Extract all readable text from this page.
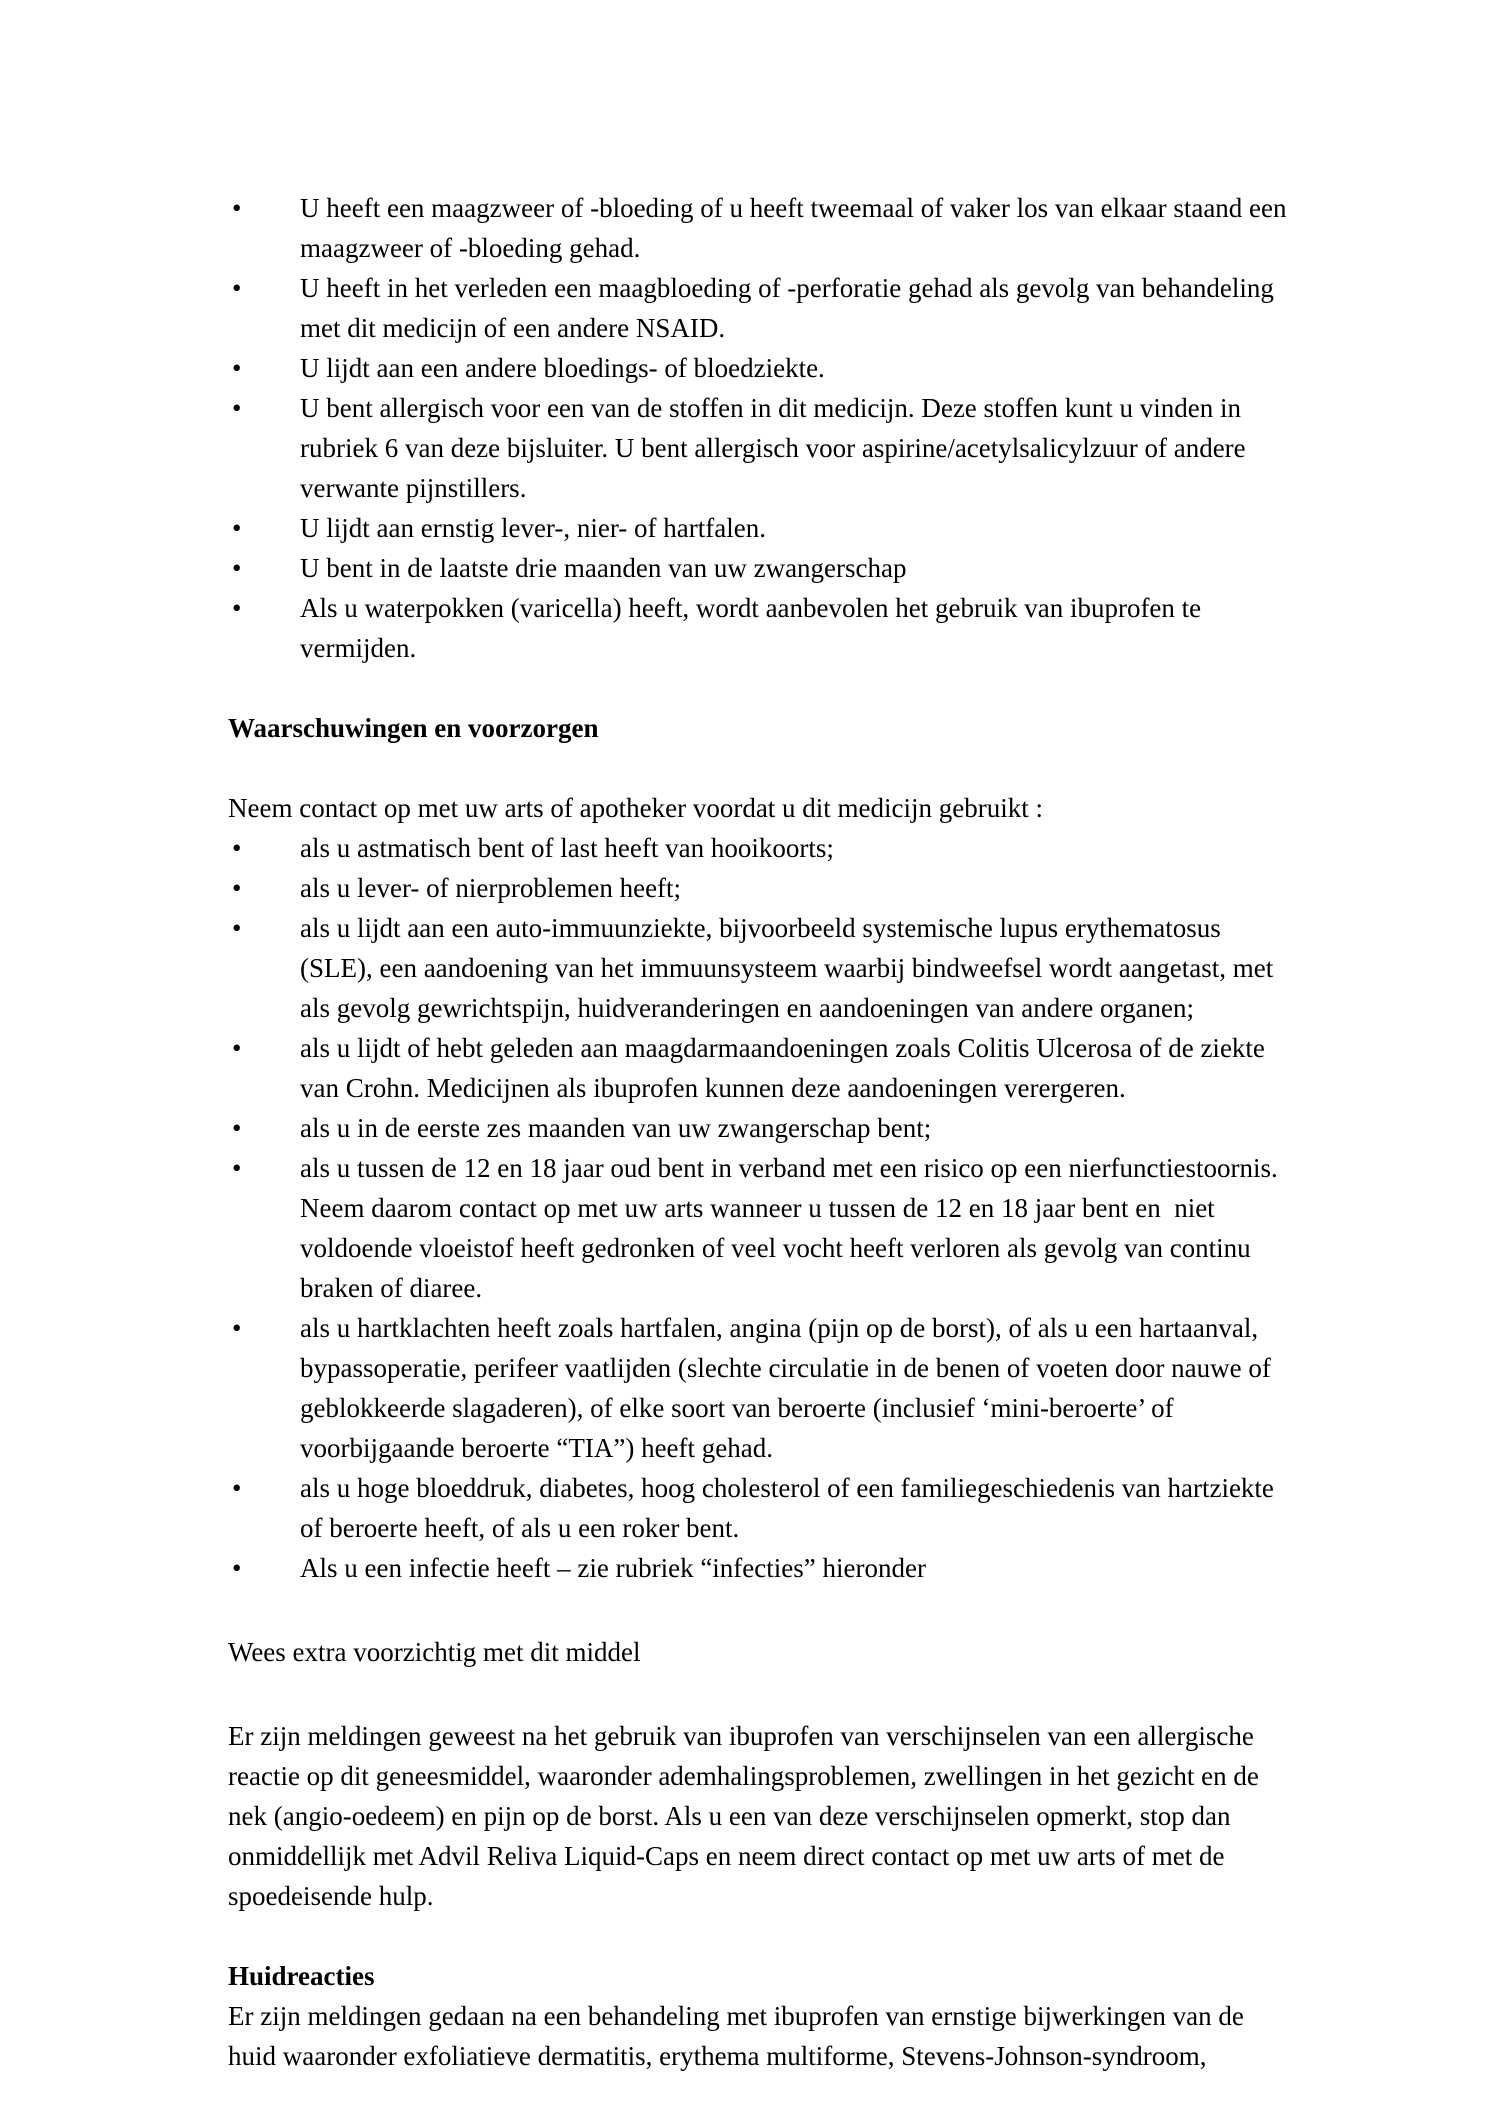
•	U heeft een maagzweer of -bloeding of u heeft tweemaal of vaker los van elkaar staand een
maagzweer of -bloeding gehad.
•	U heeft in het verleden een maagbloeding of -perforatie gehad als gevolg van behandeling
met dit medicijn of een andere NSAID.
•	U lijdt aan een andere bloedings- of bloedziekte.
•	U bent allergisch voor een van de stoffen in dit medicijn. Deze stoffen kunt u vinden in
rubriek 6 van deze bijsluiter. U bent allergisch voor aspirine/acetylsalicylzuur of andere
verwante pijnstillers.
•	U lijdt aan ernstig lever-, nier- of hartfalen.
•	U bent in de laatste drie maanden van uw zwangerschap
•	Als u waterpokken (varicella) heeft, wordt aanbevolen het gebruik van ibuprofen te
vermijden.
Waarschuwingen en voorzorgen
Neem contact op met uw arts of apotheker voordat u dit medicijn gebruikt :
•	als u astmatisch bent of last heeft van hooikoorts;
•	als u lever- of nierproblemen heeft;
•	als u lijdt aan een auto-immuunziekte, bijvoorbeeld systemische lupus erythematosus
(SLE), een aandoening van het immuunsysteem waarbij bindweefsel wordt aangetast, met
als gevolg gewrichtspijn, huidveranderingen en aandoeningen van andere organen;
•	als u lijdt of hebt geleden aan maagdarmaandoeningen zoals Colitis Ulcerosa of de ziekte
van Crohn. Medicijnen als ibuprofen kunnen deze aandoeningen verergeren.
•	als u in de eerste zes maanden van uw zwangerschap bent;
•	als u tussen de 12 en 18 jaar oud bent in verband met een risico op een nierfunctiestoornis.
Neem daarom contact op met uw arts wanneer u tussen de 12 en 18 jaar bent en  niet
voldoende vloeistof heeft gedronken of veel vocht heeft verloren als gevolg van continu
braken of diaree.
•	als u hartklachten heeft zoals hartfalen, angina (pijn op de borst), of als u een hartaanval,
bypassoperatie, perifeer vaatlijden (slechte circulatie in de benen of voeten door nauwe of
geblokkeerde slagaderen), of elke soort van beroerte (inclusief ‘mini-beroerte’ of
voorbijgaande beroerte “TIA”) heeft gehad.
•	als u hoge bloeddruk, diabetes, hoog cholesterol of een familiegeschiedenis van hartziekte
of beroerte heeft, of als u een roker bent.
•	Als u een infectie heeft – zie rubriek “infecties” hieronder
Wees extra voorzichtig met dit middel
Er zijn meldingen geweest na het gebruik van ibuprofen van verschijnselen van een allergische
reactie op dit geneesmiddel, waaronder ademhalingsproblemen, zwellingen in het gezicht en de
nek (angio-oedeem) en pijn op de borst. Als u een van deze verschijnselen opmerkt, stop dan
onmiddellijk met Advil Reliva Liquid-Caps en neem direct contact op met uw arts of met de
spoedeisende hulp.
Huidreacties
Er zijn meldingen gedaan na een behandeling met ibuprofen van ernstige bijwerkingen van de
huid waaronder exfoliatieve dermatitis, erythema multiforme, Stevens-Johnson-syndroom,
